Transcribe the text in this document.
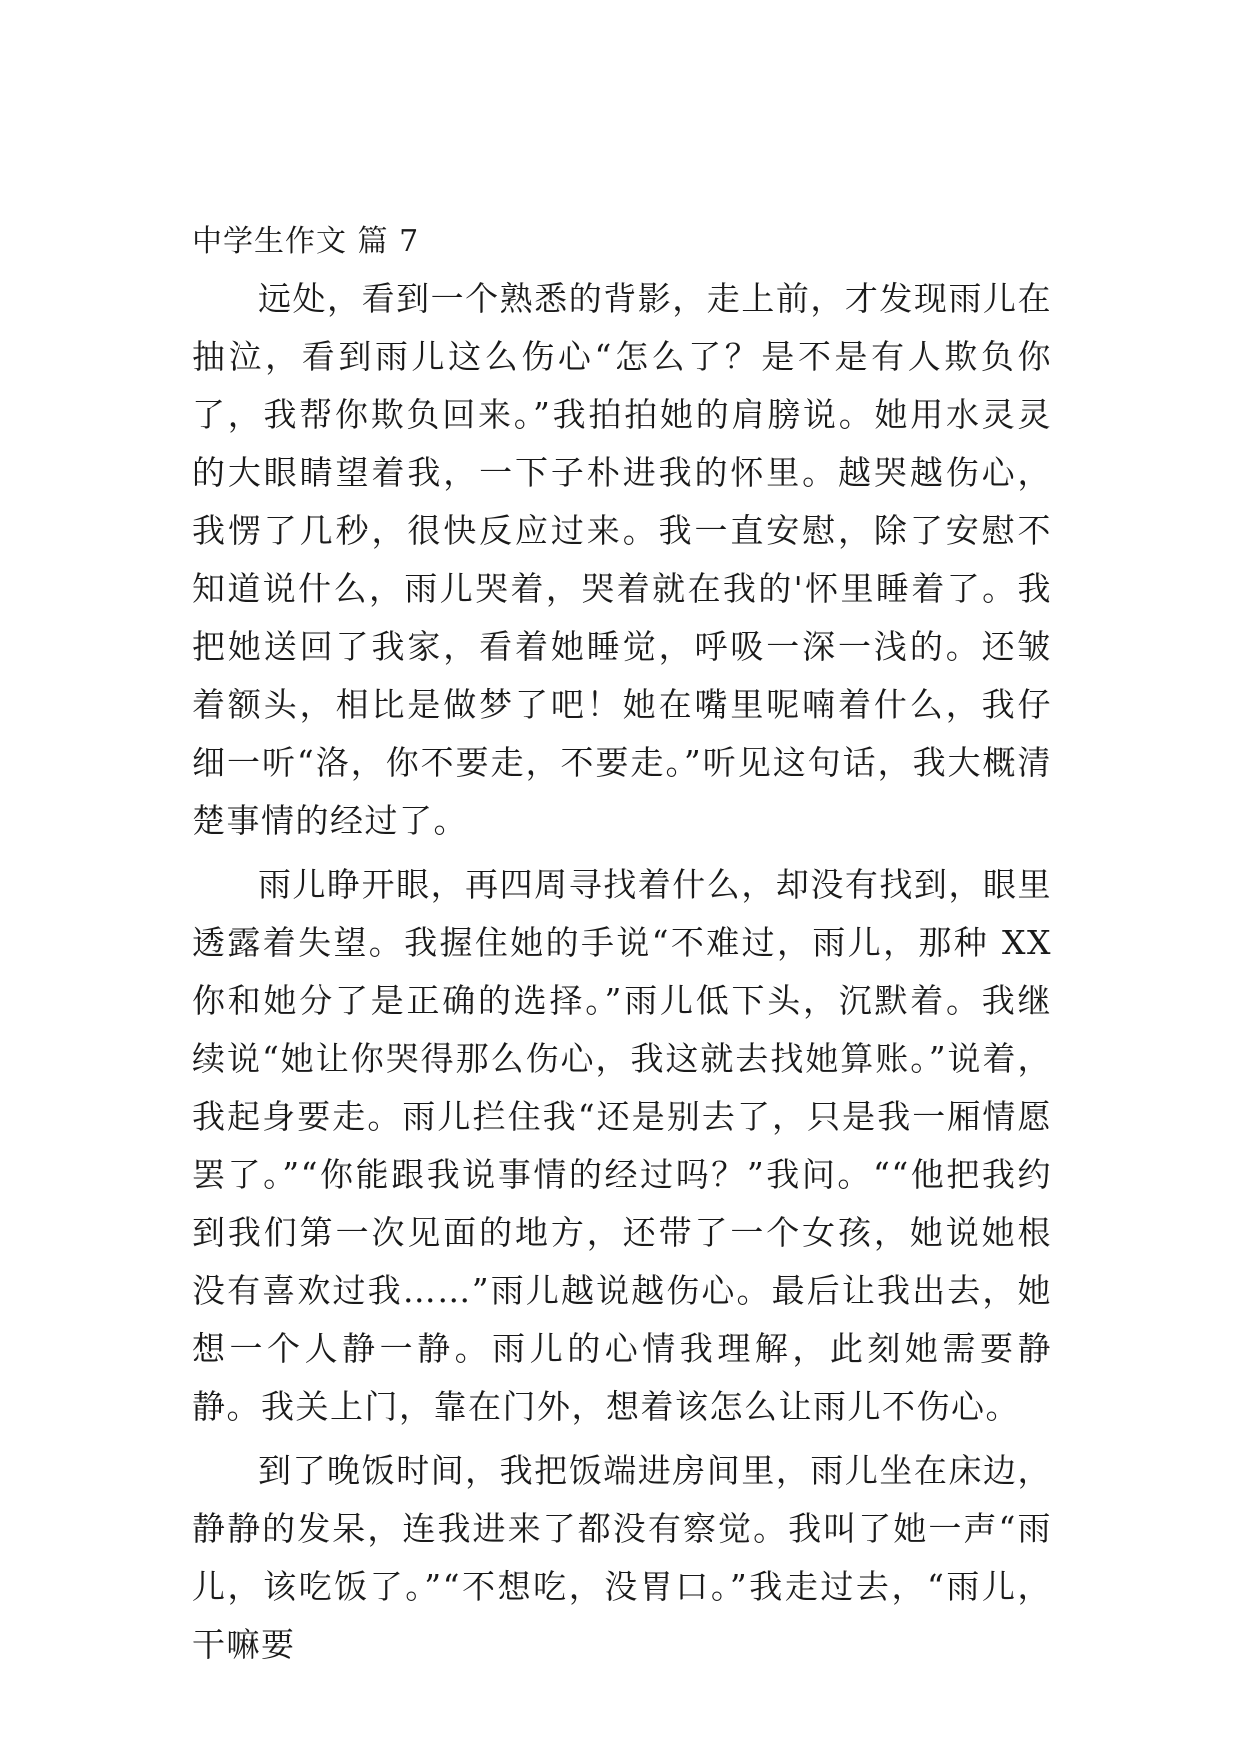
中学生作文 篇 7

远处，看到一个熟悉的背影，走上前，才发现雨儿在抽泣，看到雨儿这么伤心“怎么了？是不是有人欺负你了，我帮你欺负回来。”我拍拍她的肩膀说。她用水灵灵的大眼睛望着我，一下子朴进我的怀里。越哭越伤心，我愣了几秒，很快反应过来。我一直安慰，除了安慰不知道说什么，雨儿哭着，哭着就在我的'怀里睡着了。我把她送回了我家，看着她睡觉，呼吸一深一浅的。还皱着额头，相比是做梦了吧！她在嘴里呢喃着什么，我仔细一听“洛，你不要走，不要走。”听见这句话，我大概清楚事情的经过了。

雨儿睁开眼，再四周寻找着什么，却没有找到，眼里透露着失望。我握住她的手说“不难过，雨儿，那种 XX 你和她分了是正确的选择。”雨儿低下头，沉默着。我继续说“她让你哭得那么伤心，我这就去找她算账。”说着，我起身要走。雨儿拦住我“还是别去了，只是我一厢情愿罢了。”“你能跟我说事情的经过吗？”我问。““他把我约到我们第一次见面的地方，还带了一个女孩，她说她根没有喜欢过我……”雨儿越说越伤心。最后让我出去，她想一个人静一静。雨儿的心情我理解，此刻她需要静静。我关上门，靠在门外，想着该怎么让雨儿不伤心。

到了晚饭时间，我把饭端进房间里，雨儿坐在床边，静静的发呆，连我进来了都没有察觉。我叫了她一声“雨儿，该吃饭了。”“不想吃，没胃口。”我走过去，“雨儿，干嘛要
